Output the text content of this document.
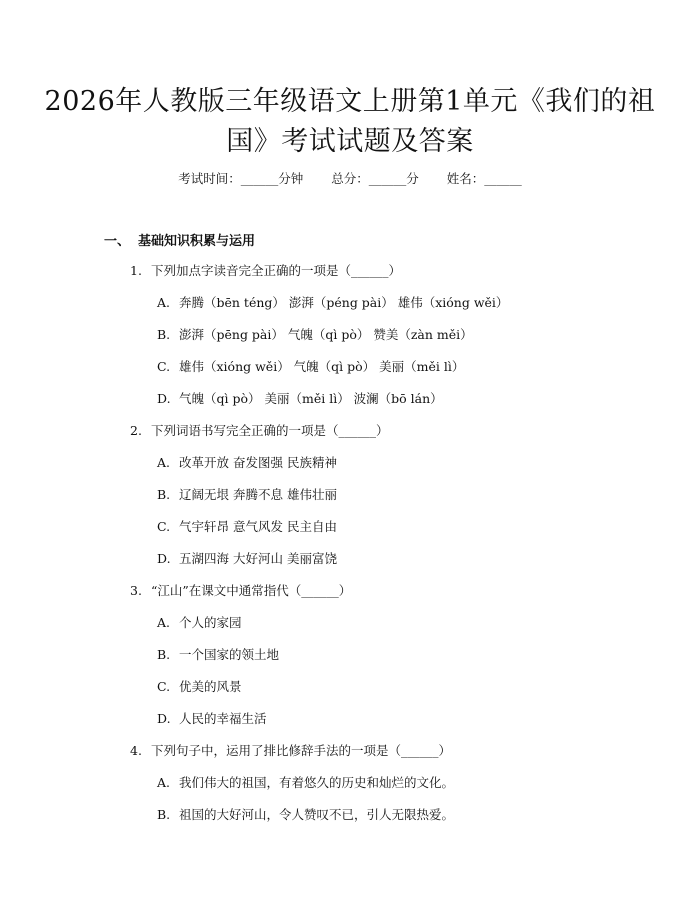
2026年人教版三年级语文上册第1单元《我们的祖国》考试试题及答案
考试时间：______分钟 总分：______分 姓名：______
一、 基础知识积累与运用
1. 下列加点字读音完全正确的一项是（______）
A. 奔腾（bēn téng） 澎湃（péng pài） 雄伟（xióng wěi）
B. 澎湃（pēng pài） 气魄（qì pò） 赞美（zàn měi）
C. 雄伟（xióng wěi） 气魄（qì pò） 美丽（měi lì）
D. 气魄（qì pò） 美丽（měi lì） 波澜（bō lán）
2. 下列词语书写完全正确的一项是（______）
A. 改革开放 奋发图强 民族精神
B. 辽阔无垠 奔腾不息 雄伟壮丽
C. 气宇轩昂 意气风发 民主自由
D. 五湖四海 大好河山 美丽富饶
3. “江山”在课文中通常指代（______）
A. 个人的家园
B. 一个国家的领土地
C. 优美的风景
D. 人民的幸福生活
4. 下列句子中，运用了排比修辞手法的一项是（______）
A. 我们伟大的祖国，有着悠久的历史和灿烂的文化。
B. 祖国的大好河山，令人赞叹不已，引人无限热爱。
